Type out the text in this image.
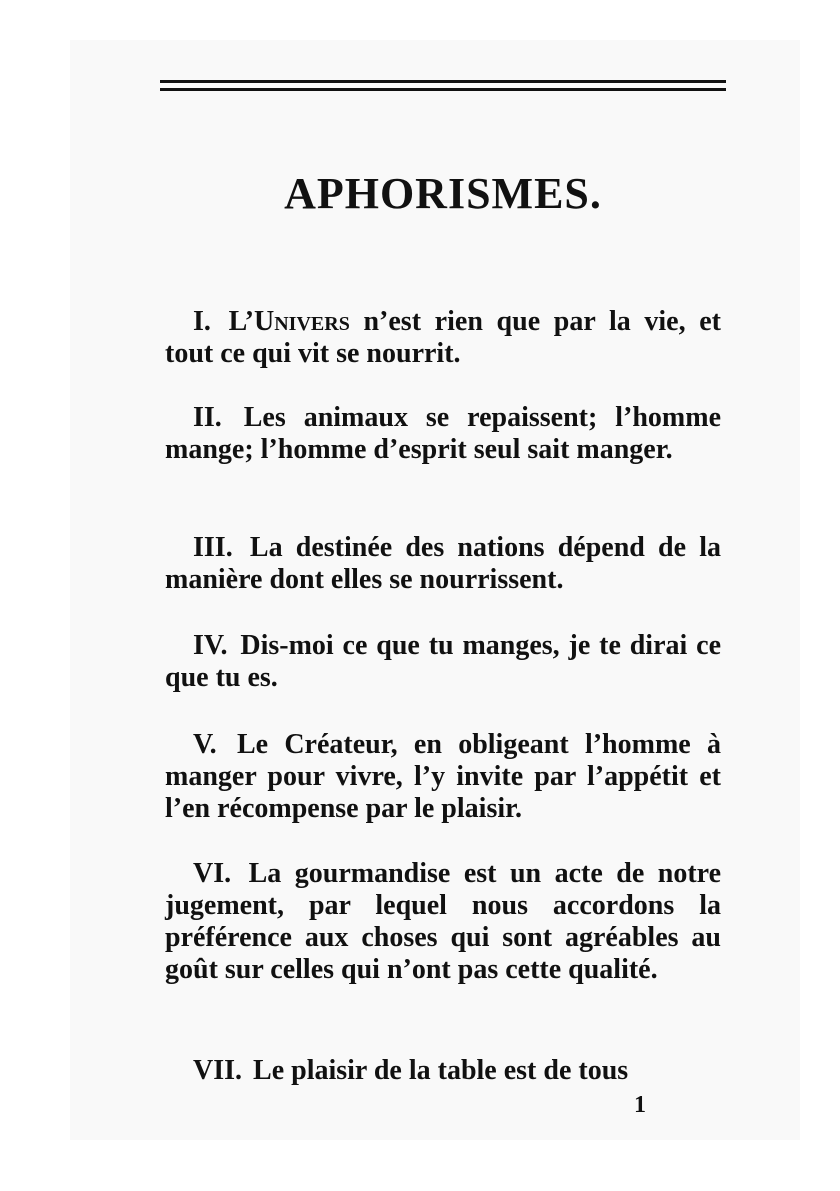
APHORISMES.

I. L’Univers n’est rien que par la vie, et tout ce qui vit se nourrit.

II. Les animaux se repaissent; l’homme mange; l’homme d’esprit seul sait manger.

III. La destinée des nations dépend de la manière dont elles se nourrissent.

IV. Dis-moi ce que tu manges, je te dirai ce que tu es.

V. Le Créateur, en obligeant l’homme à manger pour vivre, l’y invite par l’appétit et l’en récompense par le plaisir.

VI. La gourmandise est un acte de notre jugement, par lequel nous accordons la préférence aux choses qui sont agréables au goût sur celles qui n’ont pas cette qualité.

VII. Le plaisir de la table est de tous

1
